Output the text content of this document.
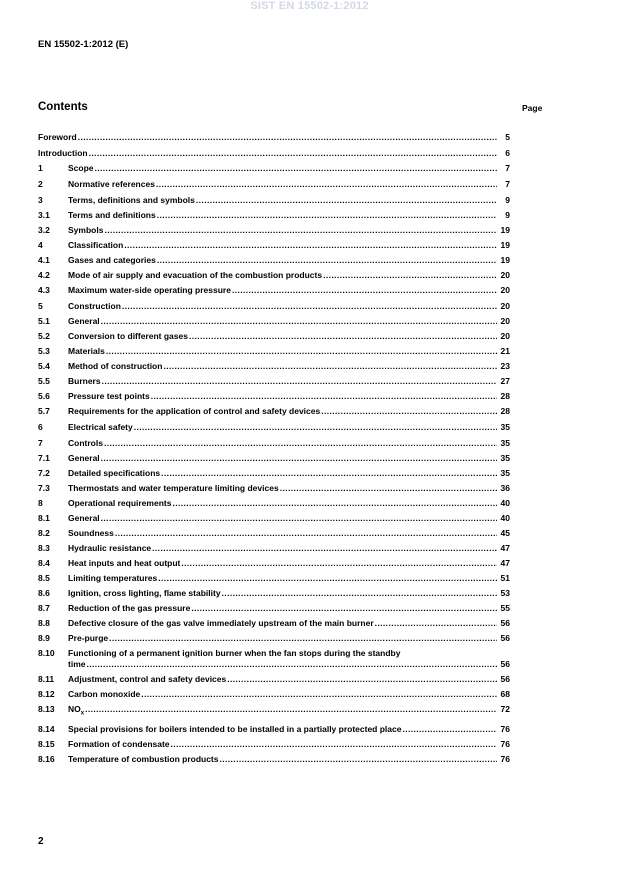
SIST EN 15502-1:2012
EN 15502-1:2012 (E)
Contents	Page
Foreword .....	5
Introduction .....	6
1	Scope .....	7
2	Normative references .....	7
3	Terms, definitions and symbols .....	9
3.1	Terms and definitions .....	9
3.2	Symbols .....	19
4	Classification .....	19
4.1	Gases and categories .....	19
4.2	Mode of air supply and evacuation of the combustion products .....	20
4.3	Maximum water-side operating pressure .....	20
5	Construction .....	20
5.1	General .....	20
5.2	Conversion to different gases .....	20
5.3	Materials .....	21
5.4	Method of construction .....	23
5.5	Burners .....	27
5.6	Pressure test points .....	28
5.7	Requirements for the application of control and safety devices .....	28
6	Electrical safety .....	35
7	Controls .....	35
7.1	General .....	35
7.2	Detailed specifications .....	35
7.3	Thermostats and water temperature limiting devices .....	36
8	Operational requirements .....	40
8.1	General .....	40
8.2	Soundness .....	45
8.3	Hydraulic resistance .....	47
8.4	Heat inputs and heat output .....	47
8.5	Limiting temperatures .....	51
8.6	Ignition, cross lighting, flame stability .....	53
8.7	Reduction of the gas pressure .....	55
8.8	Defective closure of the gas valve immediately upstream of the main burner .....	56
8.9	Pre-purge .....	56
8.10	Functioning of a permanent ignition burner when the fan stops during the standby
time .....	56
8.11	Adjustment, control and safety devices .....	56
8.12	Carbon monoxide .....	68
8.13	$NO_x$ .....	72
8.14	Special provisions for boilers intended to be installed in a partially protected place .....	76
8.15	Formation of condensate .....	76
8.16	Temperature of combustion products .....	76
2
